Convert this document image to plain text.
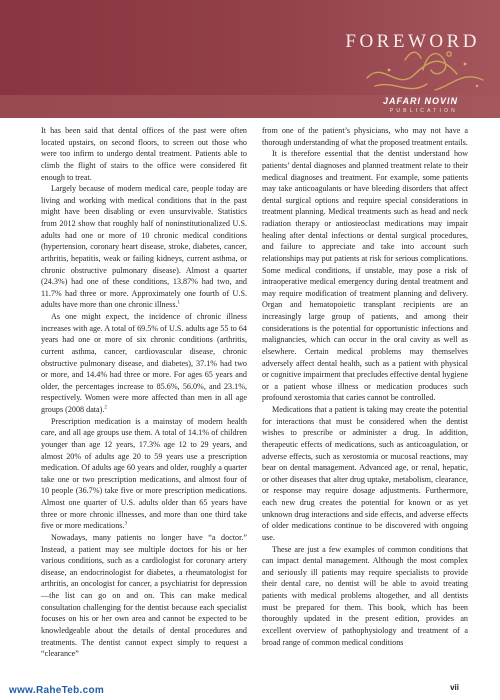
FOREWORD
JAFARI NOVIN
PUBLICATION

It has been said that dental offices of the past were often located upstairs, on second floors, to screen out those who were too infirm to undergo dental treatment. Patients able to climb the flight of stairs to the office were considered fit enough to treat.

Largely because of modern medical care, people today are living and working with medical conditions that in the past might have been disabling or even unsurvivable. Statistics from 2012 show that roughly half of noninstitutionalized U.S. adults had one or more of 10 chronic medical conditions (hypertension, coronary heart disease, stroke, diabetes, cancer, arthritis, hepatitis, weak or failing kidneys, current asthma, or chronic obstructive pulmonary disease). Almost a quarter (24.3%) had one of these conditions, 13.87% had two, and 11.7% had three or more. Approximately one fourth of U.S. adults have more than one chronic illness.$^1$

As one might expect, the incidence of chronic illness increases with age. A total of 69.5% of U.S. adults age 55 to 64 years had one or more of six chronic conditions (arthritis, current asthma, cancer, cardiovascular disease, chronic obstructive pulmonary disease, and diabetes), 37.1% had two or more, and 14.4% had three or more. For ages 65 years and older, the percentages increase to 85.6%, 56.0%, and 23.1%, respectively. Women were more affected than men in all age groups (2008 data).$^2$

Prescription medication is a mainstay of modern health care, and all age groups use them. A total of 14.1% of children younger than age 12 years, 17.3% age 12 to 29 years, and almost 20% of adults age 20 to 59 years use a prescription medication. Of adults age 60 years and older, roughly a quarter take one or two prescription medications, and almost four of 10 people (36.7%) take five or more prescription medications. Almost one quarter of U.S. adults older than 65 years have three or more chronic illnesses, and more than one third take five or more medications.$^3$

Nowadays, many patients no longer have “a doctor.” Instead, a patient may see multiple doctors for his or her various conditions, such as a cardiologist for coronary artery disease, an endocrinologist for diabetes, a rheumatologist for arthritis, an oncologist for cancer, a psychiatrist for depression—the list can go on and on. This can make medical consultation challenging for the dentist because each specialist focuses on his or her own area and cannot be expected to be knowledgeable about the details of dental procedures and treatments. The dentist cannot expect simply to request a “clearance”

from one of the patient’s physicians, who may not have a thorough understanding of what the proposed treatment entails.

It is therefore essential that the dentist understand how patients’ dental diagnoses and planned treatment relate to their medical diagnoses and treatment. For example, some patients may take anticoagulants or have bleeding disorders that affect dental surgical options and require special considerations in treatment planning. Medical treatments such as head and neck radiation therapy or antiosteoclast medications may impair healing after dental infections or dental surgical procedures, and failure to appreciate and take into account such relationships may put patients at risk for serious complications. Some medical conditions, if unstable, may pose a risk of intraoperative medical emergency during dental treatment and may require modification of treatment planning and delivery. Organ and hematopoietic transplant recipients are an increasingly large group of patients, and among their considerations is the potential for opportunistic infections and malignancies, which can occur in the oral cavity as well as elsewhere. Certain medical problems may themselves adversely affect dental health, such as a patient with physical or cognitive impairment that precludes effective dental hygiene or a patient whose illness or medication produces such profound xerostomia that caries cannot be controlled.

Medications that a patient is taking may create the potential for interactions that must be considered when the dentist wishes to prescribe or administer a drug. In addition, therapeutic effects of medications, such as anticoagulation, or adverse effects, such as xerostomia or mucosal reactions, may bear on dental management. Advanced age, or renal, hepatic, or other diseases that alter drug uptake, metabolism, clearance, or response may require dosage adjustments. Furthermore, each new drug creates the potential for known or as yet unknown drug interactions and side effects, and adverse effects of older medications continue to be discovered with ongoing use.

These are just a few examples of common conditions that can impact dental management. Although the most complex and seriously ill patients may require specialists to provide their dental care, no dentist will be able to avoid treating patients with medical problems altogether, and all dentists must be prepared for them. This book, which has been thoroughly updated in the present edition, provides an excellent overview of pathophysiology and treatment of a broad range of common medical conditions

www.RaheTeb.com	vii
